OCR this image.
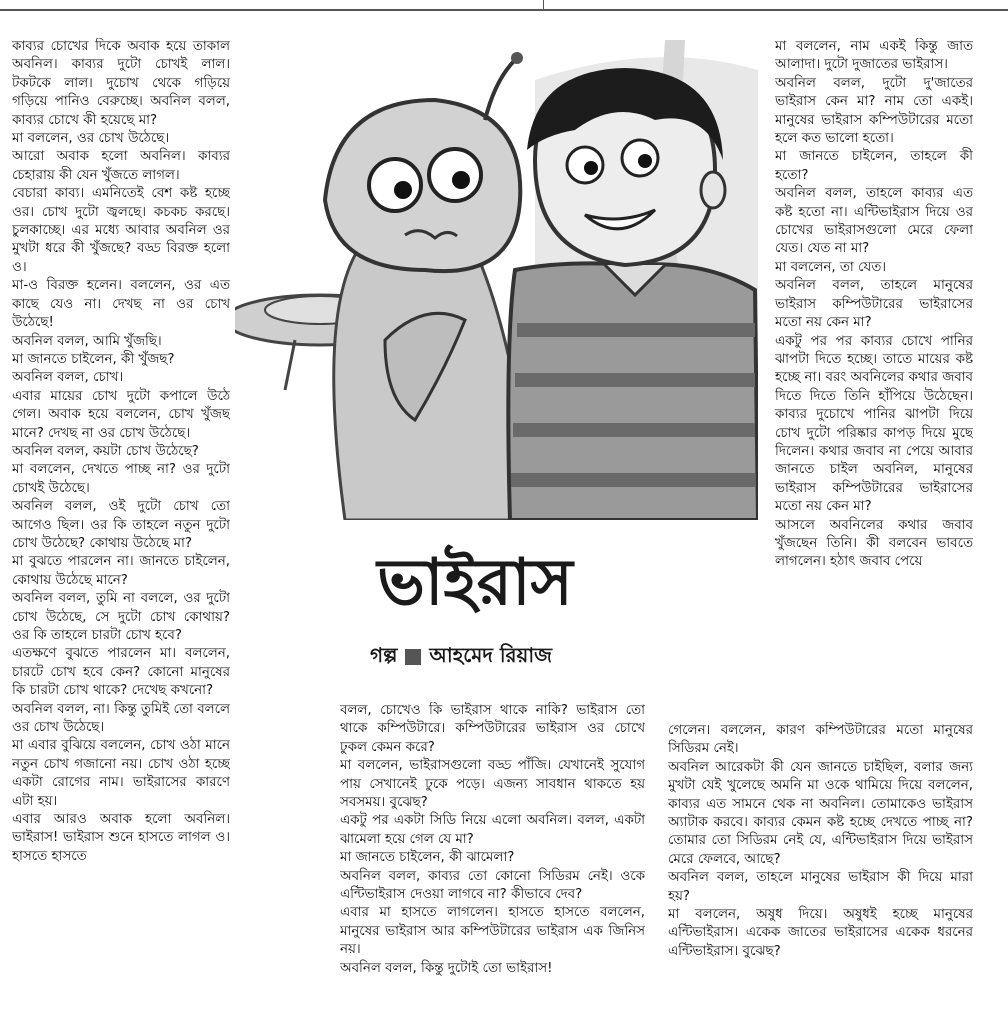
কাব্যর চোখের দিকে অবাক হয়ে তাকাল অবনিল। কাব্যর দুটো চোখই লাল। টকটকে লাল। দুচোখ থেকে গড়িয়ে গড়িয়ে পানিও বেরুচ্ছে। অবনিল বলল, কাব্যর চোখে কী হয়েছে মা?

মা বললেন, ওর চোখ উঠেছে।

আরো অবাক হলো অবনিল। কাব্যর চেহারায় কী যেন খুঁজতে লাগল।

বেচারা কাব্য। এমনিতেই বেশ কষ্ট হচ্ছে ওর। চোখ দুটো জ্বলছে। কচকচ করছে। চুলকাচ্ছে। এর মধ্যে আবার অবনিল ওর মুখটা ধরে কী খুঁজছে? বড্ড বিরক্ত হলো ও।

মা-ও বিরক্ত হলেন। বললেন, ওর এত কাছে যেও না। দেখছ না ওর চোখ উঠেছে!

অবনিল বলল, আমি খুঁজছি।

মা জানতে চাইলেন, কী খুঁজছ?

অবনিল বলল, চোখ।

এবার মায়ের চোখ দুটো কপালে উঠে গেল। অবাক হয়ে বললেন, চোখ খুঁজছ মানে? দেখছ না ওর চোখ উঠেছে।

অবনিল বলল, কয়টা চোখ উঠেছে?

মা বললেন, দেখতে পাচ্ছ না? ওর দুটো চোখই উঠেছে।

অবনিল বলল, ওই দুটো চোখ তো আগেও ছিল। ওর কি তাহলে নতুন দুটো চোখ উঠেছে? কোথায় উঠেছে মা?

মা বুঝতে পারলেন না। জানতে চাইলেন, কোথায় উঠেছে মানে?

অবনিল বলল, তুমি না বললে, ওর দুটো চোখ উঠেছে, সে দুটো চোখ কোথায়? ওর কি তাহলে চারটা চোখ হবে?

এতক্ষণে বুঝতে পারলেন মা। বললেন, চারটে চোখ হবে কেন? কোনো মানুষের কি চারটা চোখ থাকে? দেখেছ কখনো?

অবনিল বলল, না। কিন্তু তুমিই তো বললে ওর চোখ উঠেছে।

মা এবার বুঝিয়ে বললেন, চোখ ওঠা মানে নতুন চোখ গজানো নয়। চোখ ওঠা হচ্ছে একটা রোগের নাম। ভাইরাসের কারণে এটা হয়।

এবার আরও অবাক হলো অবনিল। ভাইরাস! ভাইরাস শুনে হাসতে লাগল ও। হাসতে হাসতে

ভাইরাস
গল্প আহমেদ রিয়াজ

বলল, চোখেও কি ভাইরাস থাকে নাকি? ভাইরাস তো থাকে কম্পিউটারে। কম্পিউটারের ভাইরাস ওর চোখে ঢুকল কেমন করে?

মা বললেন, ভাইরাসগুলো বড্ড পাঁজি। যেখানেই সুযোগ পায় সেখানেই ঢুকে পড়ে। এজন্য সাবধান থাকতে হয় সবসময়। বুঝেছ?

একটু পর একটা সিডি নিয়ে এলো অবনিল। বলল, একটা ঝামেলা হয়ে গেল যে মা?

মা জানতে চাইলেন, কী ঝামেলা?

অবনিল বলল, কাব্যর তো কোনো সিডিরম নেই। ওকে এন্টিভাইরাস দেওয়া লাগবে না? কীভাবে দেব?

এবার মা হাসতে লাগলেন। হাসতে হাসতে বললেন, মানুষের ভাইরাস আর কম্পিউটারের ভাইরাস এক জিনিস নয়।

অবনিল বলল, কিন্তু দুটোই তো ভাইরাস!

মা বললেন, নাম একই কিন্তু জাত আলাদা। দুটো দুজাতের ভাইরাস।

অবনিল বলল, দুটো দু'জাতের ভাইরাস কেন মা? নাম তো একই। মানুষের ভাইরাস কম্পিউটারের মতো হলে কত ভালো হতো।

মা জানতে চাইলেন, তাহলে কী হতো?

অবনিল বলল, তাহলে কাব্যর এত কষ্ট হতো না। এন্টিভাইরাস দিয়ে ওর চোখের ভাইরাসগুলো মেরে ফেলা যেত। যেত না মা?

মা বললেন, তা যেত।

অবনিল বলল, তাহলে মানুষের ভাইরাস কম্পিউটারের ভাইরাসের মতো নয় কেন মা?

একটু পর পর কাব্যর চোখে পানির ঝাপটা দিতে হচ্ছে। তাতে মায়ের কষ্ট হচ্ছে না। বরং অবনিলের কথার জবাব দিতে দিতে তিনি হাঁপিয়ে উঠেছেন। কাব্যর দুচোখে পানির ঝাপটা দিয়ে চোখ দুটো পরিষ্কার কাপড় দিয়ে মুছে দিলেন। কথার জবাব না পেয়ে আবার জানতে চাইল অবনিল, মানুষের ভাইরাস কম্পিউটারের ভাইরাসের মতো নয় কেন মা?

আসলে অবনিলের কথার জবাব খুঁজছেন তিনি। কী বলবেন ভাবতে লাগলেন। হঠাৎ জবাব পেয়ে

গেলেন। বললেন, কারণ কম্পিউটারের মতো মানুষের সিডিরম নেই।

অবনিল আরেকটা কী যেন জানতে চাইছিল, বলার জন্য মুখটা যেই খুলেছে অমনি মা ওকে থামিয়ে দিয়ে বললেন, কাব্যর এত সামনে থেক না অবনিল। তোমাকেও ভাইরাস অ্যাটাক করবে। কাব্যর কেমন কষ্ট হচ্ছে দেখতে পাচ্ছ না? তোমার তো সিডিরম নেই যে, এন্টিভাইরাস দিয়ে ভাইরাস মেরে ফেলবে, আছে?

অবনিল বলল, তাহলে মানুষের ভাইরাস কী দিয়ে মারা হয়?

মা বললেন, অষুধ দিয়ে। অষুধই হচ্ছে মানুষের এন্টিভাইরাস। একেক জাতের ভাইরাসের একেক ধরনের এন্টিভাইরাস। বুঝেছ?
